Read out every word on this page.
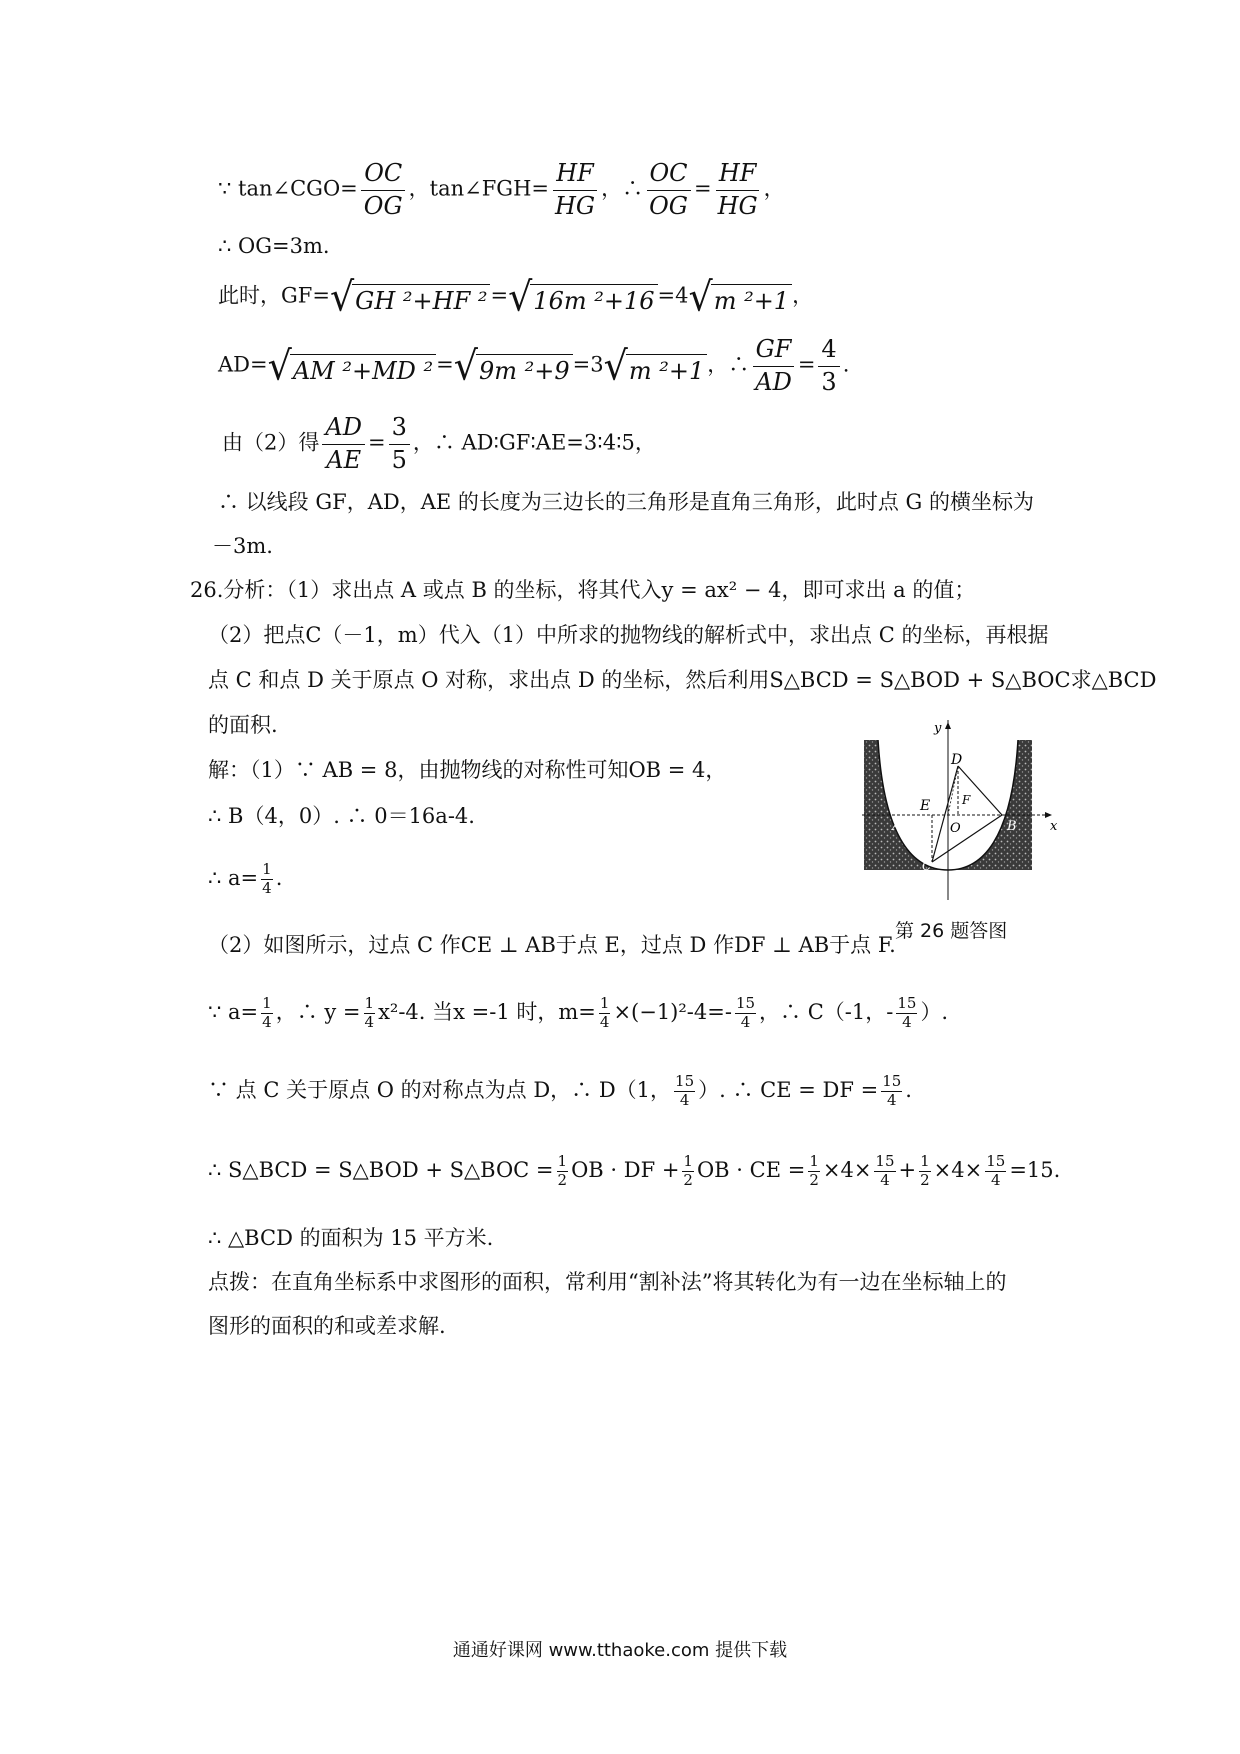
∵ tan∠CGO= $\frac{OC}{OG}$ ，tan∠FGH= $\frac{HF}{HG}$ ，∴ $\frac{OC}{OG} = \frac{HF}{HG}$ ，
∴ OG=3m.
此时，GF= √ GH ²+HF ² = √ 16m ²+16 =4 √ m ²+1 ，
AD= √ AM ²+MD ² = √ 9m ²+9 =3 √ m ²+1 ，∴ $\frac{GF}{AD} = \frac{4}{3}$ .
由（2）得 $\frac{AD}{AE} = \frac{3}{5}$ ，∴ AD∶GF∶AE=3∶4∶5，
∴ 以线段 GF，AD，AE 的长度为三边长的三角形是直角三角形，此时点 G 的横坐标为
－3m.
26.分析：（1）求出点 A 或点 B 的坐标，将其代入y = ax² − 4，即可求出 a 的值；
（2）把点C（－1，m）代入（1）中所求的抛物线的解析式中，求出点 C 的坐标，再根据
点 C 和点 D 关于原点 O 对称，求出点 D 的坐标，然后利用S△BCD = S△BOD + S△BOC求△BCD
的面积.
解：（1）∵ AB = 8，由抛物线的对称性可知OB = 4，
∴ B（4，0）. ∴ 0＝16a-4.
∴ $a= \frac{1}{4}$ .
（2）如图所示，过点 C 作CE ⊥ AB于点 E，过点 D 作DF ⊥ AB于点 F.
∵ $a= \frac{1}{4}$ ，∴ $y = \frac{1}{4} x^2-4$. 当x =-1 时，$m= \frac{1}{4} \times(-1)^2-4=- \frac{15}{4}$ ，∴ C（-1，- $\frac{15}{4}$ ）.
∵ 点 C 关于原点 O 的对称点为点 D，∴ D（1， $\frac{15}{4}$ ）. ∴ CE = DF = $\frac{15}{4}$ .
∴ S△BCD = S△BOD + S△BOC = $\frac{1}{2}$ OB · DF + $\frac{1}{2}$ OB · CE = $\frac{1}{2} \times 4\times \frac{15}{4} + \frac{1}{2} \times 4\times \frac{15}{4} =15$.
∴ △BCD 的面积为 15 平方米.
点拨：在直角坐标系中求图形的面积，常利用“割补法”将其转化为有一边在坐标轴上的
图形的面积的和或差求解.
y
x
D
E	F
O
A	B
C
第 26 题答图
通通好课网 www.tthaoke.com 提供下载
